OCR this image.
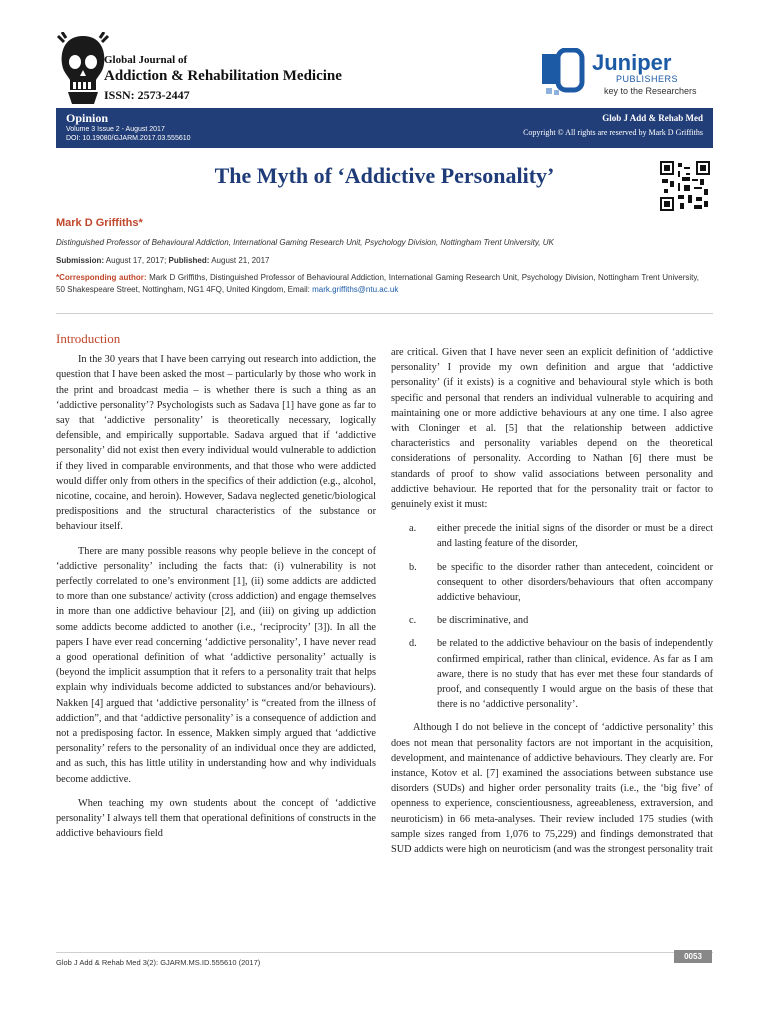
Global Journal of
Addiction & Rehabilitation Medicine
ISSN: 2573-2447
Juniper
PUBLISHERS
key to the Researchers
Opinion
Volume 3 Issue 2 - August 2017
DOI: 10.19080/GJARM.2017.03.555610
Glob J Add & Rehab Med
Copyright © All rights are reserved by Mark D Griffiths
The Myth of ‘Addictive Personality’
Mark D Griffiths*
Distinguished Professor of Behavioural Addiction, International Gaming Research Unit, Psychology Division, Nottingham Trent University, UK
Submission: August 17, 2017; Published: August 21, 2017
*Corresponding author: Mark D Griffiths, Distinguished Professor of Behavioural Addiction, International Gaming Research Unit, Psychology Division, Nottingham Trent University, 50 Shakespeare Street, Nottingham, NG1 4FQ, United Kingdom, Email: mark.griffiths@ntu.ac.uk
Introduction

In the 30 years that I have been carrying out research into addiction, the question that I have been asked the most – particularly by those who work in the print and broadcast media – is whether there is such a thing as an ‘addictive personality’? Psychologists such as Sadava [1] have gone as far to say that ‘addictive personality’ is theoretically necessary, logically defensible, and empirically supportable. Sadava argued that if ‘addictive personality’ did not exist then every individual would vulnerable to addiction if they lived in comparable environments, and that those who were addicted would differ only from others in the specifics of their addiction (e.g., alcohol, nicotine, cocaine, and heroin). However, Sadava neglected genetic/biological predispositions and the structural characteristics of the substance or behaviour itself.

There are many possible reasons why people believe in the concept of ‘addictive personality’ including the facts that: (i) vulnerability is not perfectly correlated to one’s environment [1], (ii) some addicts are addicted to more than one substance/ activity (cross addiction) and engage themselves in more than one addictive behaviour [2], and (iii) on giving up addiction some addicts become addicted to another (i.e., ‘reciprocity’ [3]). In all the papers I have ever read concerning ‘addictive personality’, I have never read a good operational definition of what ‘addictive personality’ actually is (beyond the implicit assumption that it refers to a personality trait that helps explain why individuals become addicted to substances and/or behaviours). Nakken [4] argued that ‘addictive personality’ is “created from the illness of addiction”, and that ‘addictive personality’ is a consequence of addiction and not a predisposing factor. In essence, Makken simply argued that ‘addictive personality’ refers to the personality of an individual once they are addicted, and as such, this has little utility in understanding how and why individuals become addictive.

When teaching my own students about the concept of ‘addictive personality’ I always tell them that operational definitions of constructs in the addictive behaviours field

are critical. Given that I have never seen an explicit definition of ‘addictive personality’ I provide my own definition and argue that ‘addictive personality’ (if it exists) is a cognitive and behavioural style which is both specific and personal that renders an individual vulnerable to acquiring and maintaining one or more addictive behaviours at any one time. I also agree with Cloninger et al. [5] that the relationship between addictive characteristics and personality variables depend on the theoretical considerations of personality. According to Nathan [6] there must be standards of proof to show valid associations between personality and addictive behaviour. He reported that for the personality trait or factor to genuinely exist it must:

a.	either precede the initial signs of the disorder or must be a direct and lasting feature of the disorder,
b.	be specific to the disorder rather than antecedent, coincident or consequent to other disorders/behaviours that often accompany addictive behaviour,
c.	be discriminative, and
d.	be related to the addictive behaviour on the basis of independently confirmed empirical, rather than clinical, evidence. As far as I am aware, there is no study that has ever met these four standards of proof, and consequently I would argue on the basis of these that there is no ‘addictive personality’.

Although I do not believe in the concept of ‘addictive personality’ this does not mean that personality factors are not important in the acquisition, development, and maintenance of addictive behaviours. They clearly are. For instance, Kotov et al. [7] examined the associations between substance use disorders (SUDs) and higher order personality traits (i.e., the ‘big five’ of openness to experience, conscientiousness, agreeableness, extraversion, and neuroticism) in 66 meta-analyses. Their review included 175 studies (with sample sizes ranged from 1,076 to 75,229) and findings demonstrated that SUD addicts were high on neuroticism (and was the strongest personality trait

Glob J Add & Rehab Med 3(2): GJARM.MS.ID.555610 (2017)
0053
